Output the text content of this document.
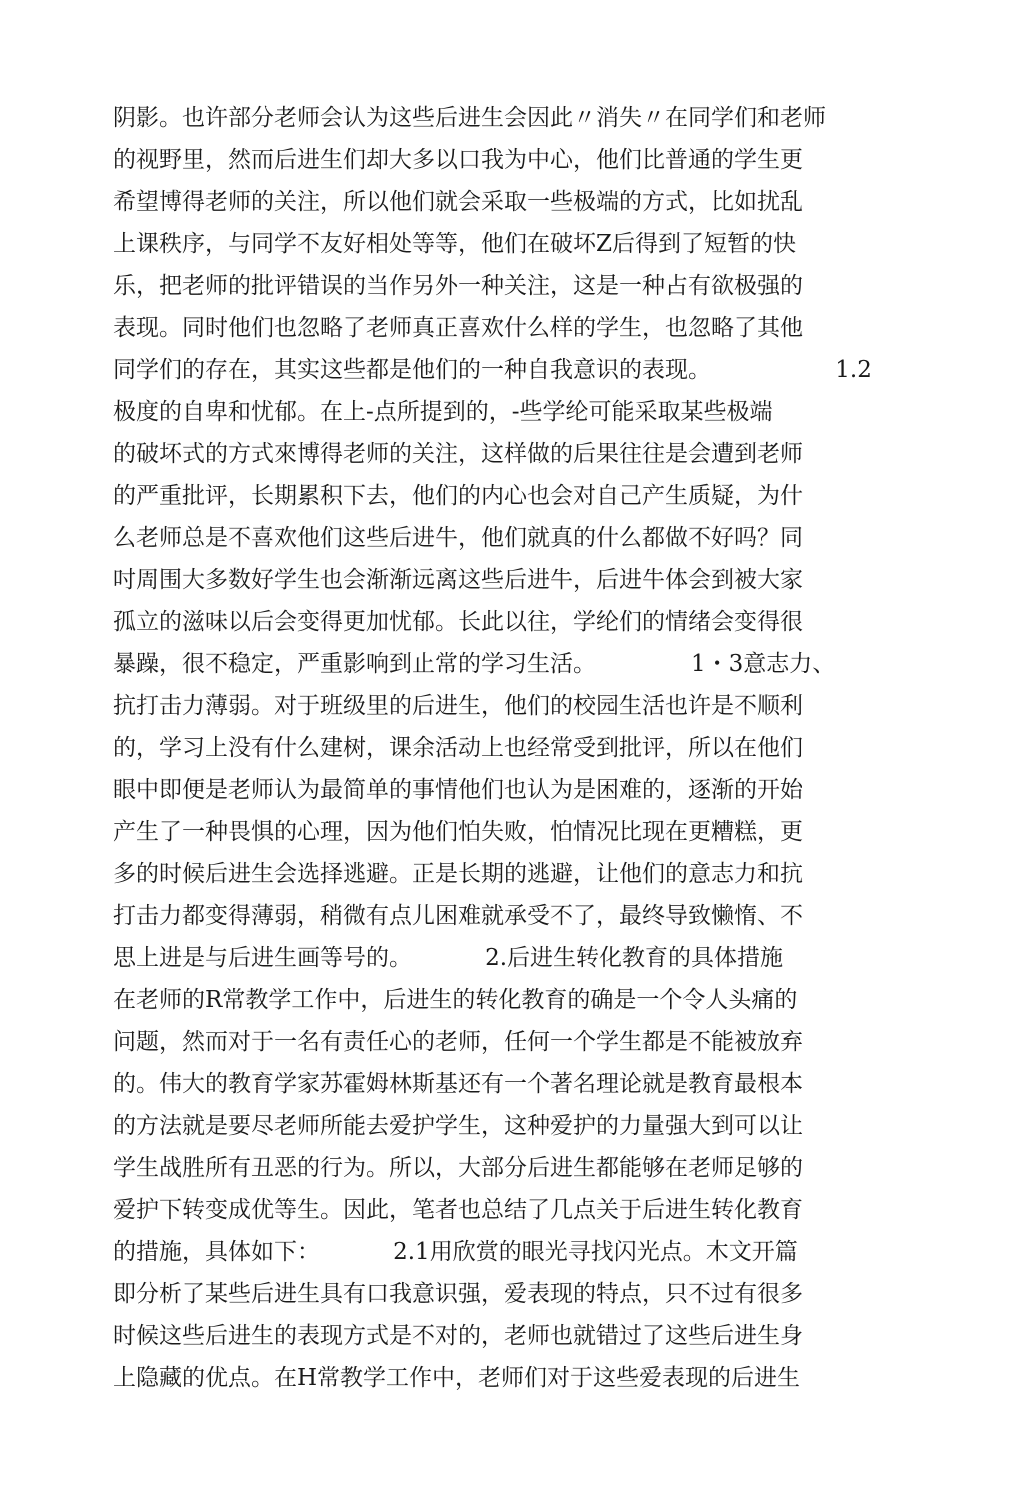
阴影。也许部分老师会认为这些后进生会因此〃消失〃在同学们和老师
的视野里，然而后进生们却大多以口我为中心，他们比普通的学生更
希望博得老师的关注，所以他们就会采取一些极端的方式，比如扰乱
上课秩序，与同学不友好相处等等，他们在破坏Z后得到了短暂的快
乐，把老师的批评错误的当作另外一种关注，这是一种占有欲极强的
表现。同时他们也忽略了老师真正喜欢什么样的学生，也忽略了其他
同学们的存在，其实这些都是他们的一种自我意识的表现。                 1.2
极度的自卑和忧郁。在上-点所提到的，-些学纶可能采取某些极端
的破坏式的方式來博得老师的关注，这样做的后果往往是会遭到老师
的严重批评，长期累积下去，他们的内心也会对自己产生质疑，为什
么老师总是不喜欢他们这些后进牛，他们就真的什么都做不好吗？同
吋周围大多数好学生也会渐渐远离这些后进牛，后进牛体会到被大家
孤立的滋味以后会变得更加忧郁。长此以往，学纶们的情绪会变得很
暴躁，很不稳定，严重影响到止常的学习生活。             1・3意志力、
抗打击力薄弱。对于班级里的后进生，他们的校园生活也许是不顺利
的，学习上没有什么建树，课余活动上也经常受到批评，所以在他们
眼中即便是老师认为最简单的事情他们也认为是困难的，逐渐的开始
产生了一种畏惧的心理，因为他们怕失败，怕情况比现在更糟糕，更
多的时候后进生会选择逃避。正是长期的逃避，让他们的意志力和抗
打击力都变得薄弱，稍微有点儿困难就承受不了，最终导致懒惰、不
思上进是与后进生画等号的。          2.后进生转化教育的具体措施
在老师的R常教学工作中，后进生的转化教育的确是一个令人头痛的
问题，然而对于一名有责任心的老师，任何一个学生都是不能被放弃
的。伟大的教育学家苏霍姆林斯基还有一个著名理论就是教育最根本
的方法就是要尽老师所能去爱护学生，这种爱护的力量强大到可以让
学生战胜所有丑恶的行为。所以，大部分后进生都能够在老师足够的
爱护下转变成优等生。因此，笔者也总结了几点关于后进生转化教育
的措施，具体如下：          2.1用欣赏的眼光寻找闪光点。木文开篇
即分析了某些后进生具有口我意识强，爱表现的特点，只不过有很多
时候这些后进生的表现方式是不对的，老师也就错过了这些后进生身
上隐藏的优点。在H常教学工作中，老师们对于这些爱表现的后进生
